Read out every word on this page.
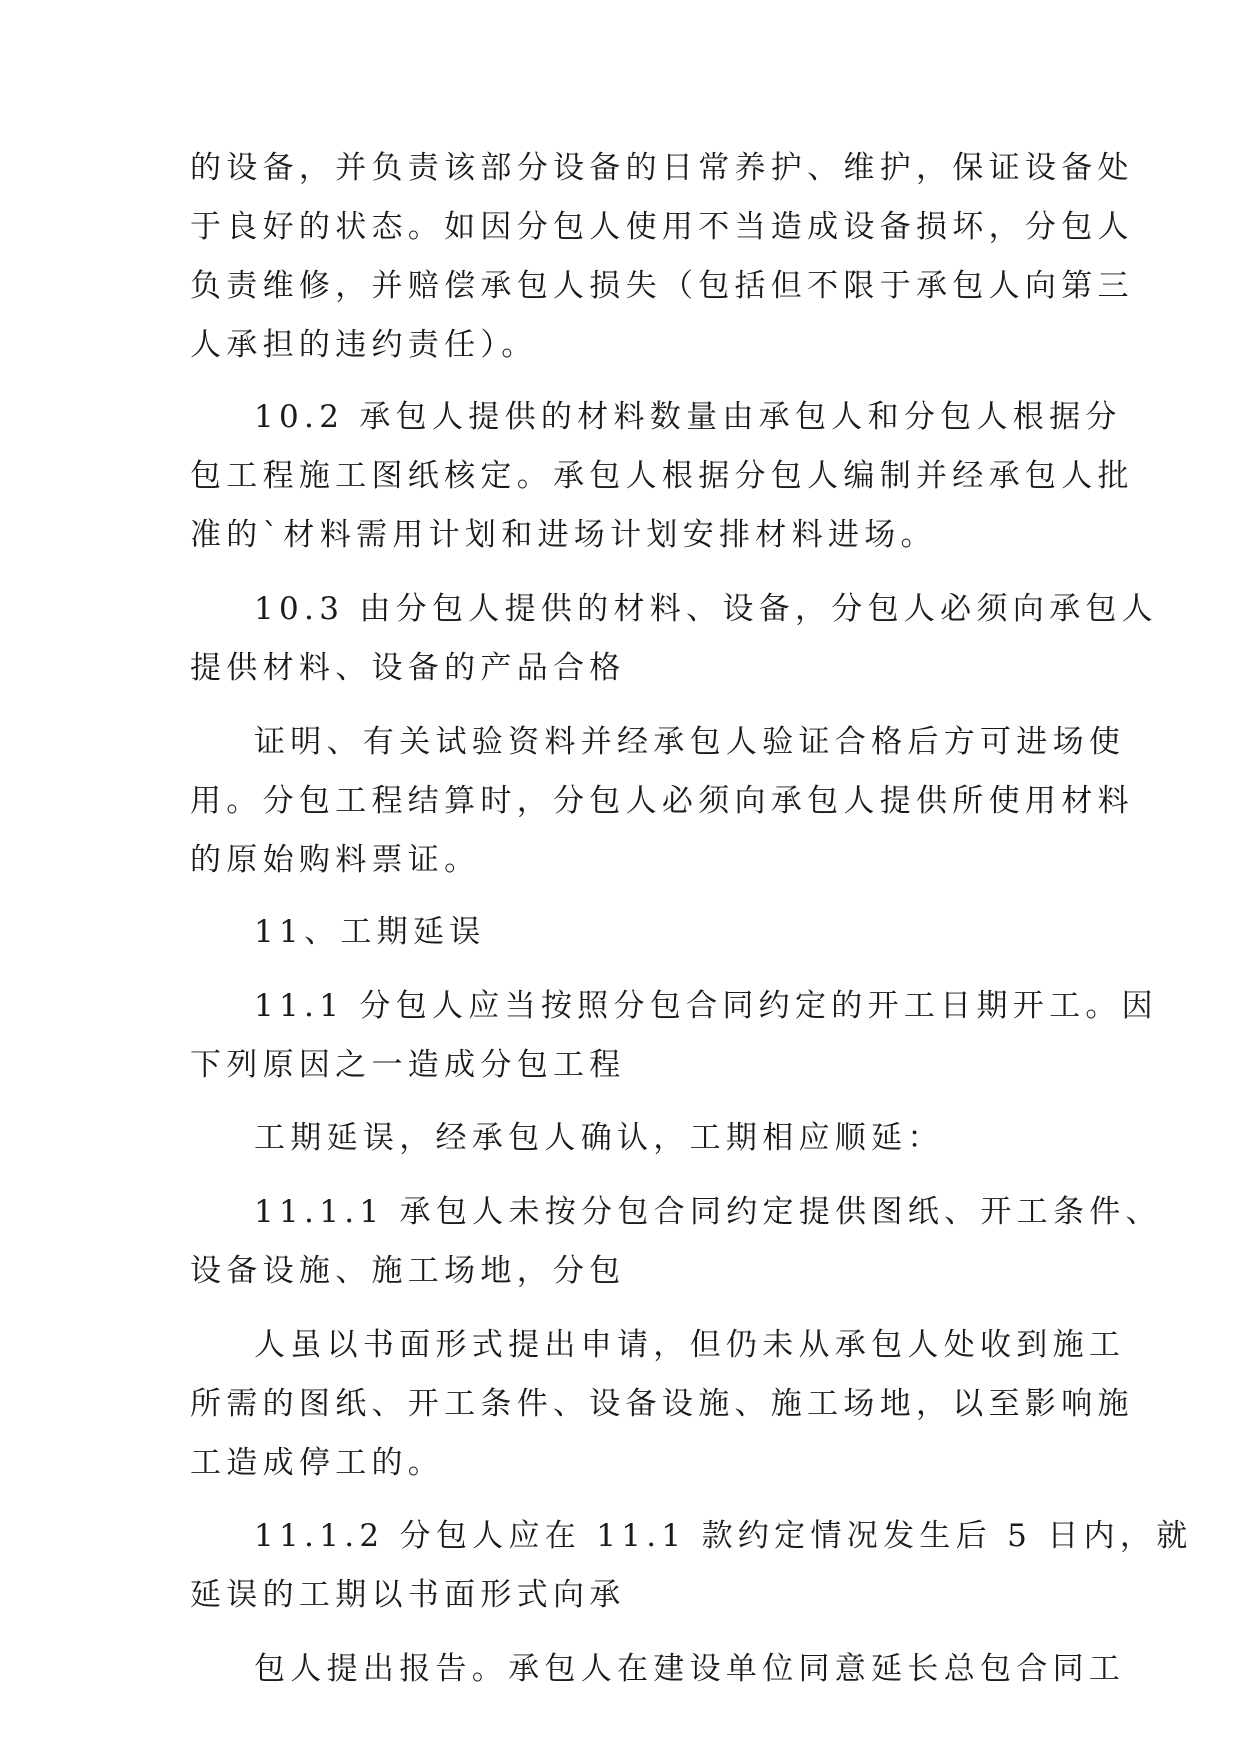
的设备，并负责该部分设备的日常养护、维护，保证设备处
于良好的状态。如因分包人使用不当造成设备损坏，分包人
负责维修，并赔偿承包人损失（包括但不限于承包人向第三
人承担的违约责任）。
10.2 承包人提供的材料数量由承包人和分包人根据分
包工程施工图纸核定。承包人根据分包人编制并经承包人批
准的`材料需用计划和进场计划安排材料进场。
10.3 由分包人提供的材料、设备，分包人必须向承包人
提供材料、设备的产品合格
证明、有关试验资料并经承包人验证合格后方可进场使
用。分包工程结算时，分包人必须向承包人提供所使用材料
的原始购料票证。
11、工期延误
11.1 分包人应当按照分包合同约定的开工日期开工。因
下列原因之一造成分包工程
工期延误，经承包人确认，工期相应顺延：
11.1.1 承包人未按分包合同约定提供图纸、开工条件、
设备设施、施工场地，分包
人虽以书面形式提出申请，但仍未从承包人处收到施工
所需的图纸、开工条件、设备设施、施工场地，以至影响施
工造成停工的。
11.1.2 分包人应在 11.1 款约定情况发生后 5 日内，就
延误的工期以书面形式向承
包人提出报告。承包人在建设单位同意延长总包合同工
